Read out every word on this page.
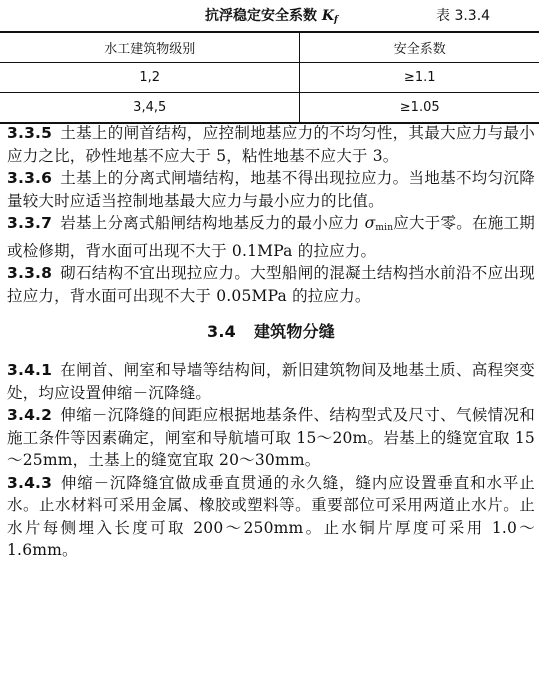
抗浮稳定安全系数 $K_f$	表 3.3.4
水工建筑物级别	安全系数
1,2	≥1.1
3,4,5	≥1.05

3.3.5 土基上的闸首结构，应控制地基应力的不均匀性，其最大应力与最小应力之比，砂性地基不应大于 5，粘性地基不应大于 3。

3.3.6 土基上的分离式闸墙结构，地基不得出现拉应力。当地基不均匀沉降量较大时应适当控制地基最大应力与最小应力的比值。

3.3.7 岩基上分离式船闸结构地基反力的最小应力 $\sigma_{min}$应大于零。在施工期或检修期，背水面可出现不大于 0.1MPa 的拉应力。

3.3.8 砌石结构不宜出现拉应力。大型船闸的混凝土结构挡水前沿不应出现拉应力，背水面可出现不大于 0.05MPa 的拉应力。

3.4 建筑物分缝

3.4.1 在闸首、闸室和导墙等结构间，新旧建筑物间及地基土质、高程突变处，均应设置伸缩－沉降缝。

3.4.2 伸缩－沉降缝的间距应根据地基条件、结构型式及尺寸、气候情况和施工条件等因素确定，闸室和导航墙可取 15～20m。岩基上的缝宽宜取 15～25mm，土基上的缝宽宜取 20～30mm。

3.4.3 伸缩－沉降缝宜做成垂直贯通的永久缝，缝内应设置垂直和水平止水。止水材料可采用金属、橡胶或塑料等。重要部位可采用两道止水片。止水片每侧埋入长度可取 200～250mm。止水铜片厚度可采用 1.0～1.6mm。
